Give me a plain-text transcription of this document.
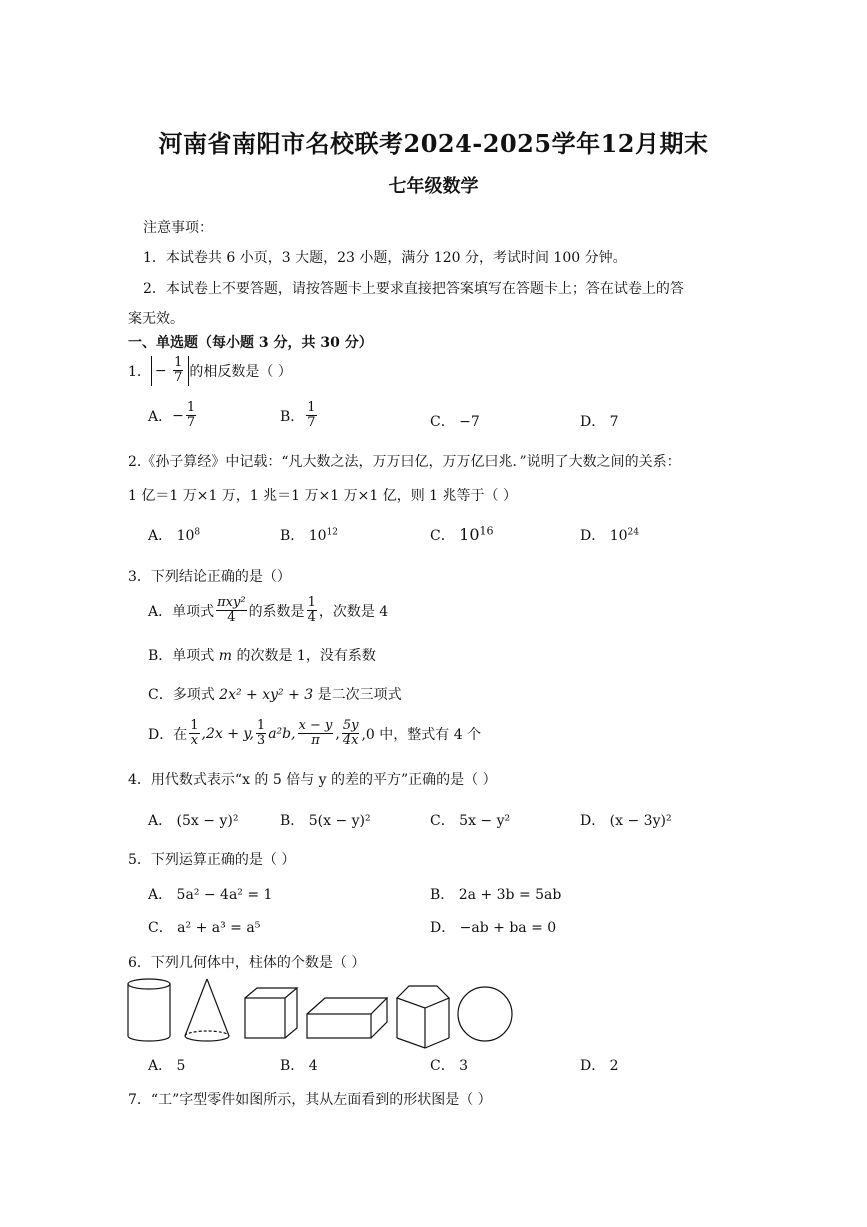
河南省南阳市名校联考2024-2025学年12月期末
七年级数学
注意事项：
1．本试卷共 6 小页，3 大题，23 小题，满分 120 分，考试时间 100 分钟。
2．本试卷上不要答题，请按答题卡上要求直接把答案填写在答题卡上；答在试卷上的答
案无效。
一、单选题（每小题 3 分，共 30 分）
1． − $\frac{1}{7}$ 的相反数是（ ）
A． − $\frac{1}{7}$	B． $\frac{1}{7}$	C． −7	D． 7
2.《孙子算经》中记载：“凡大数之法，万万曰亿，万万亿曰兆．”说明了大数之间的关系：
1 亿＝1 万×1 万，1 兆＝1 万×1 万×1 亿，则 1 兆等于（ ）
A． $10^8$	B． $10^{12}$	C． $10^{16}$	D． $10^{24}$
3．下列结论正确的是（）
A．单项式 $\frac{\text{πxy²}}{4}$ 的系数是 $\frac{1}{4}$ ，次数是 4
B．单项式 m 的次数是 1，没有系数
C．多项式 2x² + xy² + 3 是二次三项式
D．在 $\frac{1}{x} ,2x + y$, $\frac{1}{3} a^2b$, $\frac{x - y}{\pi}$ , $\frac{5y}{4x} ,0$ 中，整式有 4 个
4．用代数式表示“x 的 5 倍与 y 的差的平方”正确的是（ ）
A． (5x − y)²	B． 5(x − y)²	C． 5x − y²	D． (x − 3y)²
5．下列运算正确的是（ ）
A． 5a² − 4a² = 1	B． 2a + 3b = 5ab
C． a² + a³ = a⁵	D． −ab + ba = 0
6．下列几何体中，柱体的个数是（ ）
A． 5	B． 4	C． 3	D． 2
7．“工”字型零件如图所示，其从左面看到的形状图是（ ）
